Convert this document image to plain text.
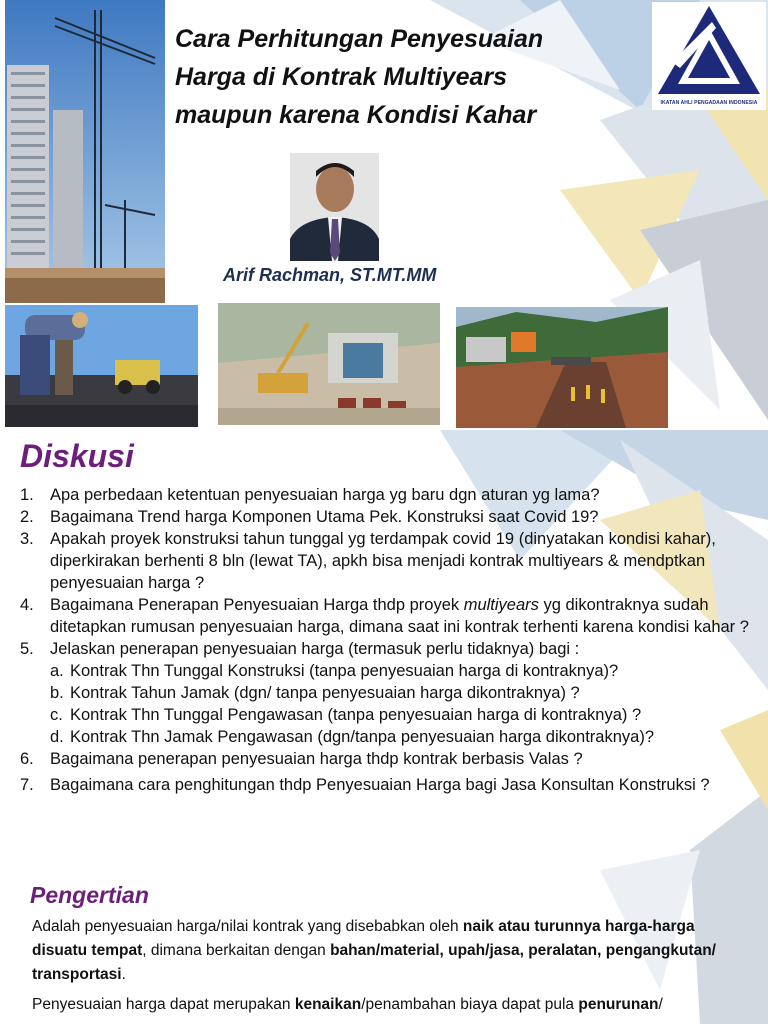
Cara Perhitungan Penyesuaian
Harga di Kontrak Multiyears
maupun karena Kondisi Kahar	IKATAN AHLI PENGADAAN INDONESIA

Arif Rachman, ST.MT.MM

Diskusi
1. Apa perbedaan ketentuan penyesuaian harga yg baru dgn aturan yg lama?
2. Bagaimana Trend harga Komponen Utama Pek. Konstruksi saat Covid 19?
3. Apakah proyek konstruksi tahun tunggal yg terdampak covid 19 (dinyatakan kondisi kahar), diperkirakan berhenti 8 bln (lewat TA), apkh bisa menjadi kontrak multiyears & mendptkan penyesuaian harga ?
4. Bagaimana Penerapan Penyesuaian Harga thdp proyek multiyears yg dikontraknya sudah ditetapkan rumusan penyesuaian harga, dimana saat ini kontrak terhenti karena kondisi kahar ?
5. Jelaskan penerapan penyesuaian harga (termasuk perlu tidaknya) bagi :
a. Kontrak Thn Tunggal Konstruksi (tanpa penyesuaian harga di kontraknya)?
b. Kontrak Tahun Jamak (dgn/ tanpa penyesuaian harga dikontraknya) ?
c. Kontrak Thn Tunggal Pengawasan (tanpa penyesuaian harga di kontraknya) ?
d. Kontrak Thn Jamak Pengawasan (dgn/tanpa penyesuaian harga dikontraknya)?
6. Bagaimana penerapan penyesuaian harga thdp kontrak berbasis Valas ?
7. Bagaimana cara penghitungan thdp Penyesuaian Harga bagi Jasa Konsultan Konstruksi ?
Pengertian

Adalah penyesuaian harga/nilai kontrak yang disebabkan oleh naik atau turunnya harga-harga disuatu tempat, dimana berkaitan dengan bahan/material, upah/jasa, peralatan, pengangkutan/ transportasi.

Penyesuaian harga dapat merupakan kenaikan/penambahan biaya dapat pula penurunan/
